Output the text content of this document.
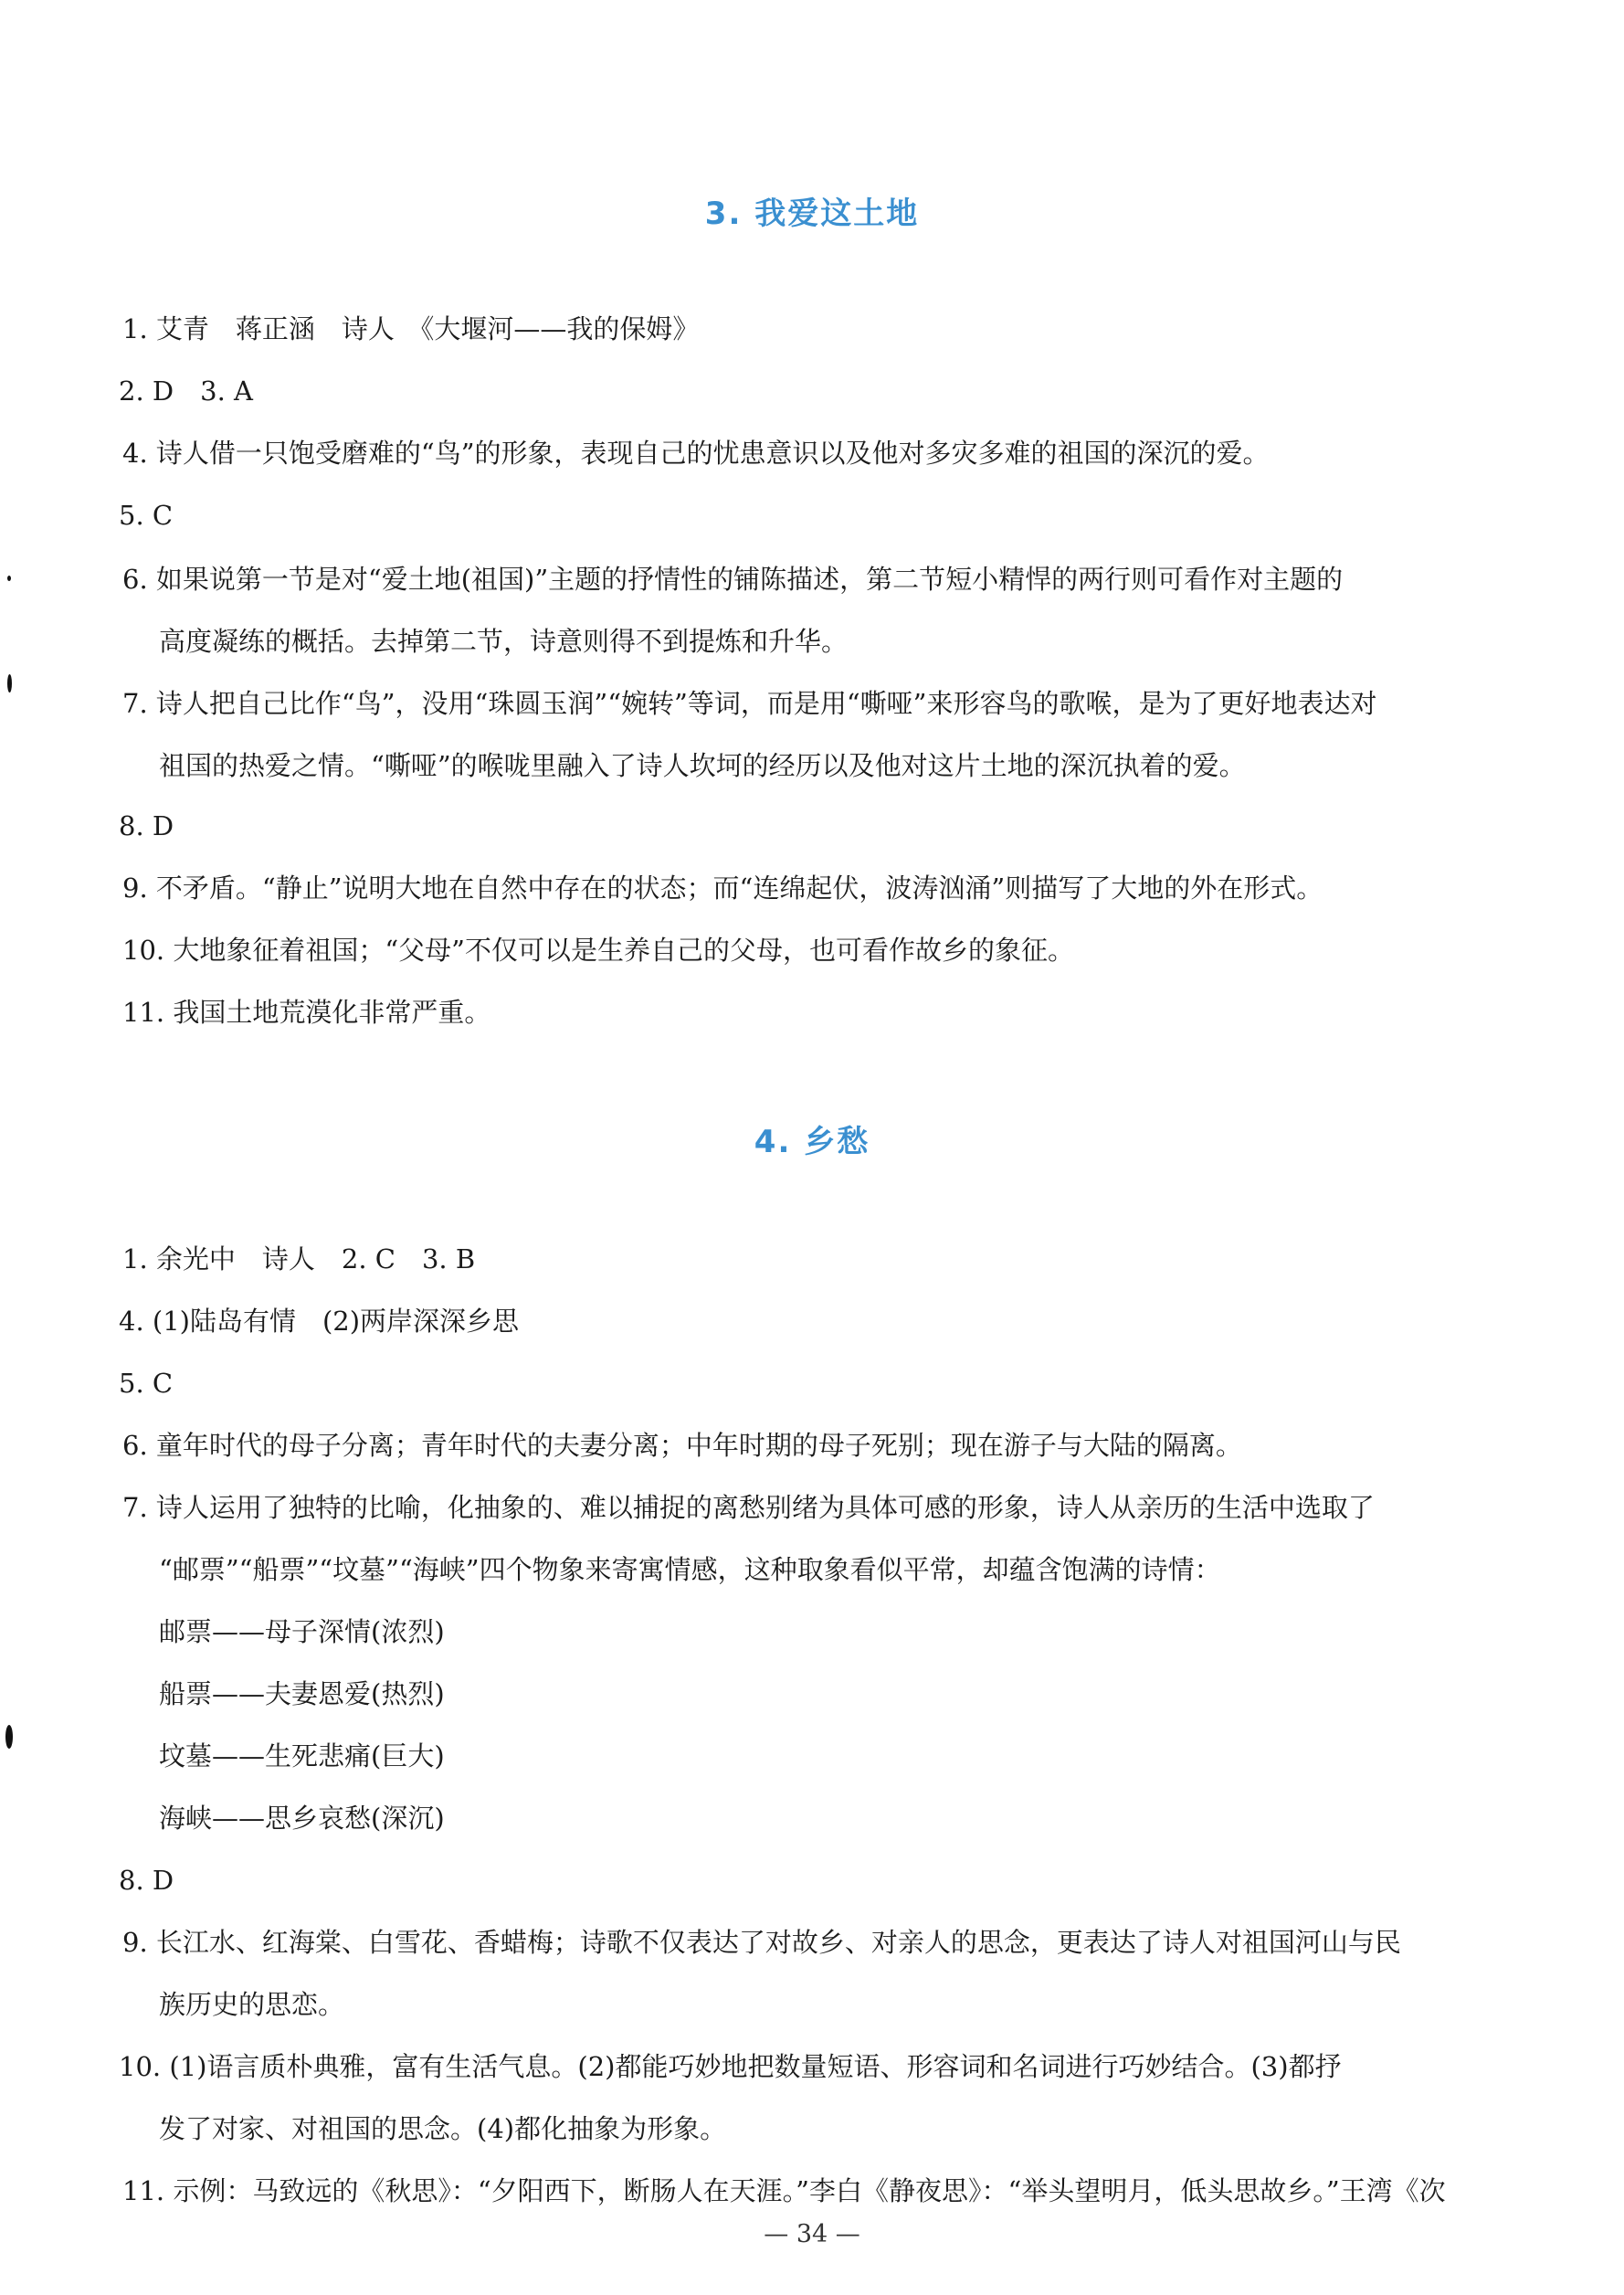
3. 我爱这土地
1. 艾青　蒋正涵　诗人　《大堰河——我的保姆》
2. D　3. A
4. 诗人借一只饱受磨难的“鸟”的形象，表现自己的忧患意识以及他对多灾多难的祖国的深沉的爱。
5. C
6. 如果说第一节是对“爱土地(祖国)”主题的抒情性的铺陈描述，第二节短小精悍的两行则可看作对主题的
高度凝练的概括。去掉第二节，诗意则得不到提炼和升华。
7. 诗人把自己比作“鸟”，没用“珠圆玉润”“婉转”等词，而是用“嘶哑”来形容鸟的歌喉，是为了更好地表达对
祖国的热爱之情。“嘶哑”的喉咙里融入了诗人坎坷的经历以及他对这片土地的深沉执着的爱。
8. D
9. 不矛盾。“静止”说明大地在自然中存在的状态；而“连绵起伏，波涛汹涌”则描写了大地的外在形式。
10. 大地象征着祖国；“父母”不仅可以是生养自己的父母，也可看作故乡的象征。
11. 我国土地荒漠化非常严重。
4. 乡愁
1. 余光中　诗人　2. C　3. B
4. (1)陆岛有情　(2)两岸深深乡思
5. C
6. 童年时代的母子分离；青年时代的夫妻分离；中年时期的母子死别；现在游子与大陆的隔离。
7. 诗人运用了独特的比喻，化抽象的、难以捕捉的离愁别绪为具体可感的形象，诗人从亲历的生活中选取了
“邮票”“船票”“坟墓”“海峡”四个物象来寄寓情感，这种取象看似平常，却蕴含饱满的诗情：
邮票——母子深情(浓烈)
船票——夫妻恩爱(热烈)
坟墓——生死悲痛(巨大)
海峡——思乡哀愁(深沉)
8. D
9. 长江水、红海棠、白雪花、香蜡梅；诗歌不仅表达了对故乡、对亲人的思念，更表达了诗人对祖国河山与民
族历史的思恋。
10. (1)语言质朴典雅，富有生活气息。(2)都能巧妙地把数量短语、形容词和名词进行巧妙结合。(3)都抒
发了对家、对祖国的思念。(4)都化抽象为形象。
11. 示例：马致远的《秋思》：“夕阳西下，断肠人在天涯。”李白《静夜思》：“举头望明月，低头思故乡。”王湾《次
— 34 —
